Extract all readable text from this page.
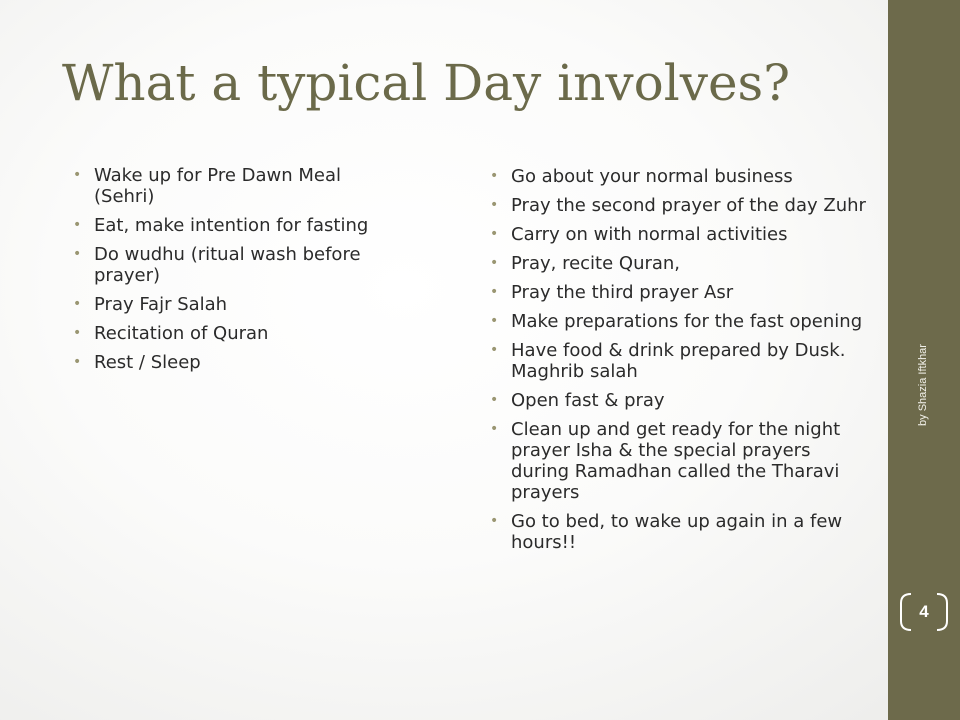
What a typical Day involves?
• Wake up for Pre Dawn Meal (Sehri)
• Eat, make intention for fasting
• Do wudhu (ritual wash before prayer)
• Pray Fajr Salah
• Recitation of Quran
• Rest / Sleep
• Go about your normal business
• Pray the second prayer of the day Zuhr
• Carry on with normal activities
• Pray, recite Quran,
• Pray the third prayer Asr
• Make preparations for the fast opening
• Have food & drink prepared by Dusk. Maghrib salah
• Open fast & pray
• Clean up and get ready for the night prayer Isha & the special prayers during Ramadhan called the Tharavi prayers
• Go to bed, to wake up again in a few hours!!
by Shazia Iftkhar
4
